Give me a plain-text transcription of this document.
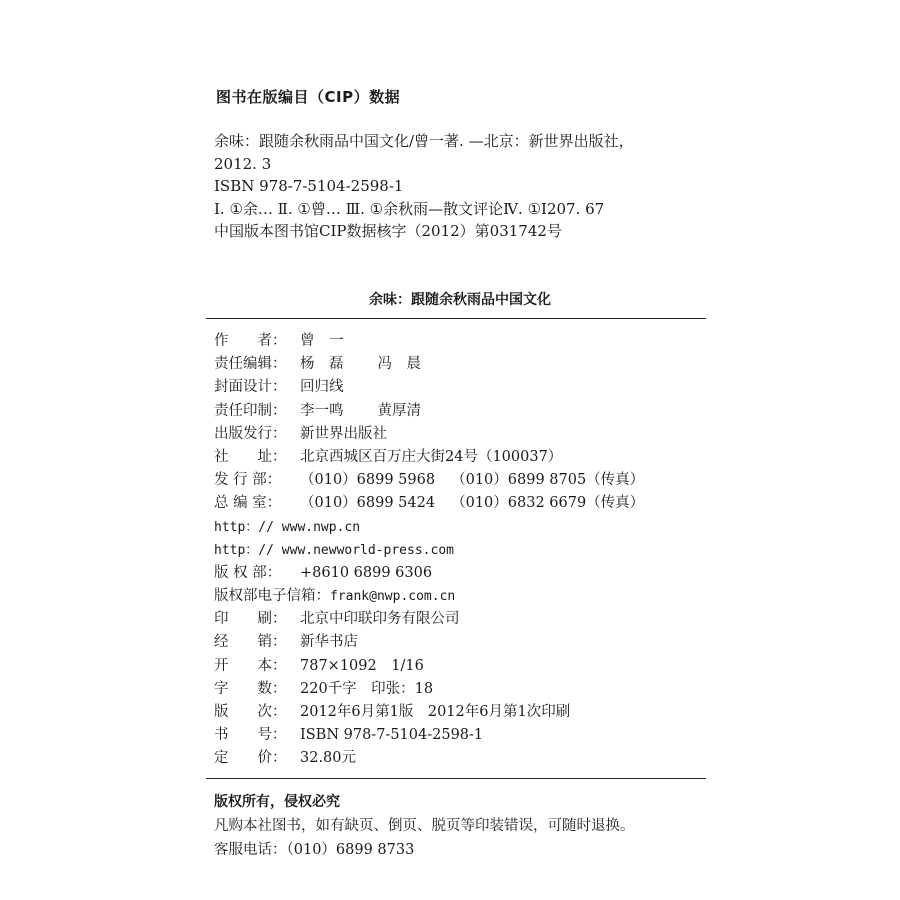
图书在版编目（CIP）数据
余味：跟随余秋雨品中国文化/曾一著. —北京：新世界出版社，
2012. 3
ISBN 978-7-5104-2598-1
Ⅰ. ①余… Ⅱ. ①曾… Ⅲ. ①余秋雨—散文评论Ⅳ. ①I207. 67
中国版本图书馆CIP数据核字（2012）第031742号
余味：跟随余秋雨品中国文化
作　　者： 曾　一
责任编辑： 杨　磊 冯　晨
封面设计： 回归线
责任印制： 李一鸣 黄厚清
出版发行： 新世界出版社
社　　址： 北京西城区百万庄大街24号（100037）
发 行 部：	（010）6899 5968 （010）6899 8705（传真）
总 编 室：	（010）6899 5424 （010）6832 6679（传真）
http：// www.nwp.cn
http：// www.newworld-press.com
版 权 部：	+8610 6899 6306
版权部电子信箱： frank@nwp.com.cn
印　　刷： 北京中印联印务有限公司
经　　销： 新华书店
开　　本： 787×1092　1/16
字　　数： 220千字　印张：18
版　　次： 2012年6月第1版　2012年6月第1次印刷
书　　号： ISBN 978-7-5104-2598-1
定　　价： 32.80元
版权所有，侵权必究
凡购本社图书，如有缺页、倒页、脱页等印装错误，可随时退换。
客服电话：（010）6899 8733
